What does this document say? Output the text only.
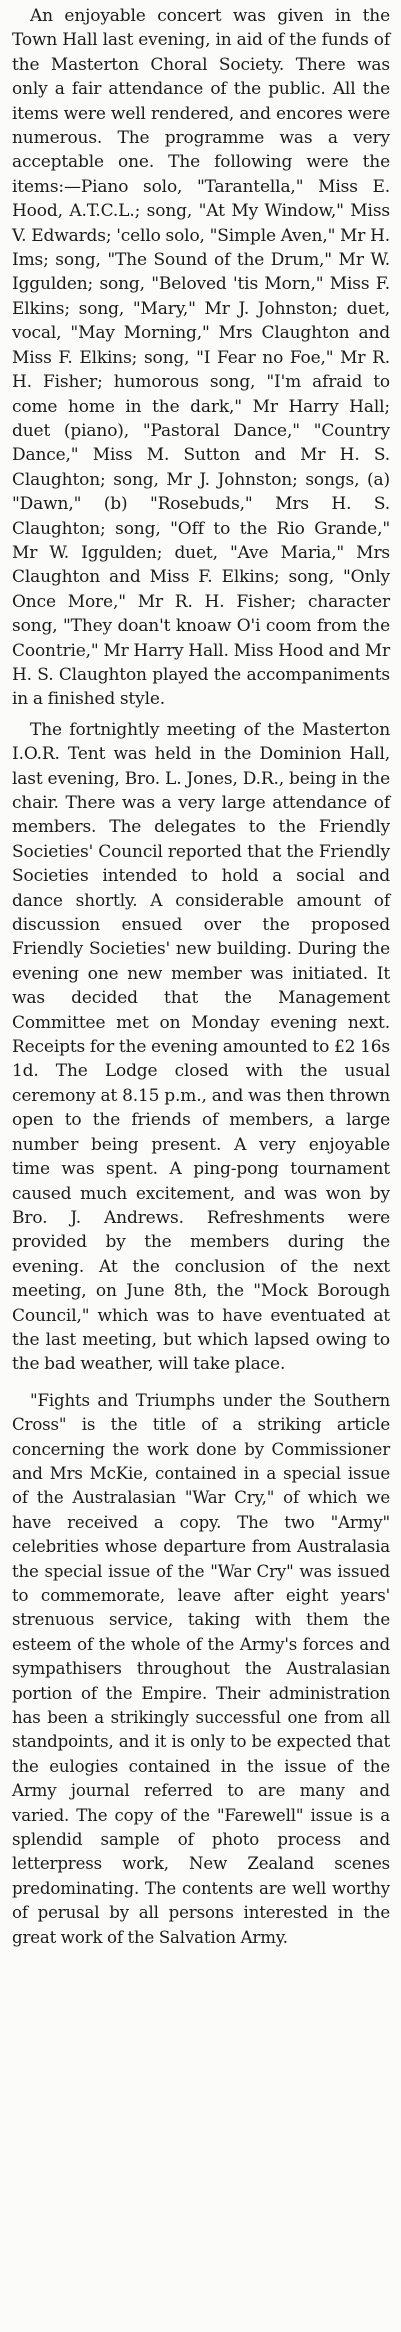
An enjoyable concert was given in the Town Hall last evening, in aid of the funds of the Masterton Choral Society. There was only a fair attendance of the public. All the items were well rendered, and encores were numerous. The programme was a very acceptable one. The following were the items:—Piano solo, "Tarantella," Miss E. Hood, A.T.C.L.; song, "At My Window," Miss V. Edwards; 'cello solo, "Simple Aven," Mr H. Ims; song, "The Sound of the Drum," Mr W. Iggulden; song, "Beloved 'tis Morn," Miss F. Elkins; song, "Mary," Mr J. Johnston; duet, vocal, "May Morning," Mrs Claughton and Miss F. Elkins; song, "I Fear no Foe," Mr R. H. Fisher; humorous song, "I'm afraid to come home in the dark," Mr Harry Hall; duet (piano), "Pastoral Dance," "Country Dance," Miss M. Sutton and Mr H. S. Claughton; song, Mr J. Johnston; songs, (a) "Dawn," (b) "Rosebuds," Mrs H. S. Claughton; song, "Off to the Rio Grande," Mr W. Iggulden; duet, "Ave Maria," Mrs Claughton and Miss F. Elkins; song, "Only Once More," Mr R. H. Fisher; character song, "They doan't knoaw O'i coom from the Coontrie," Mr Harry Hall. Miss Hood and Mr H. S. Claughton played the accompaniments in a finished style.

The fortnightly meeting of the Masterton I.O.R. Tent was held in the Dominion Hall, last evening, Bro. L. Jones, D.R., being in the chair. There was a very large attendance of members. The delegates to the Friendly Societies' Council reported that the Friendly Societies intended to hold a social and dance shortly. A considerable amount of discussion ensued over the proposed Friendly Societies' new building. During the evening one new member was initiated. It was decided that the Management Committee met on Monday evening next. Receipts for the evening amounted to £2 16s 1d. The Lodge closed with the usual ceremony at 8.15 p.m., and was then thrown open to the friends of members, a large number being present. A very enjoyable time was spent. A ping-pong tournament caused much excitement, and was won by Bro. J. Andrews. Refreshments were provided by the members during the evening. At the conclusion of the next meeting, on June 8th, the "Mock Borough Council," which was to have eventuated at the last meeting, but which lapsed owing to the bad weather, will take place.

"Fights and Triumphs under the Southern Cross" is the title of a striking article concerning the work done by Commissioner and Mrs McKie, contained in a special issue of the Australasian "War Cry," of which we have received a copy. The two "Army" celebrities whose departure from Australasia the special issue of the "War Cry" was issued to commemorate, leave after eight years' strenuous service, taking with them the esteem of the whole of the Army's forces and sympathisers throughout the Australasian portion of the Empire. Their administration has been a strikingly successful one from all standpoints, and it is only to be expected that the eulogies contained in the issue of the Army journal referred to are many and varied. The copy of the "Farewell" issue is a splendid sample of photo process and letterpress work, New Zealand scenes predominating. The contents are well worthy of perusal by all persons interested in the great work of the Salvation Army.
